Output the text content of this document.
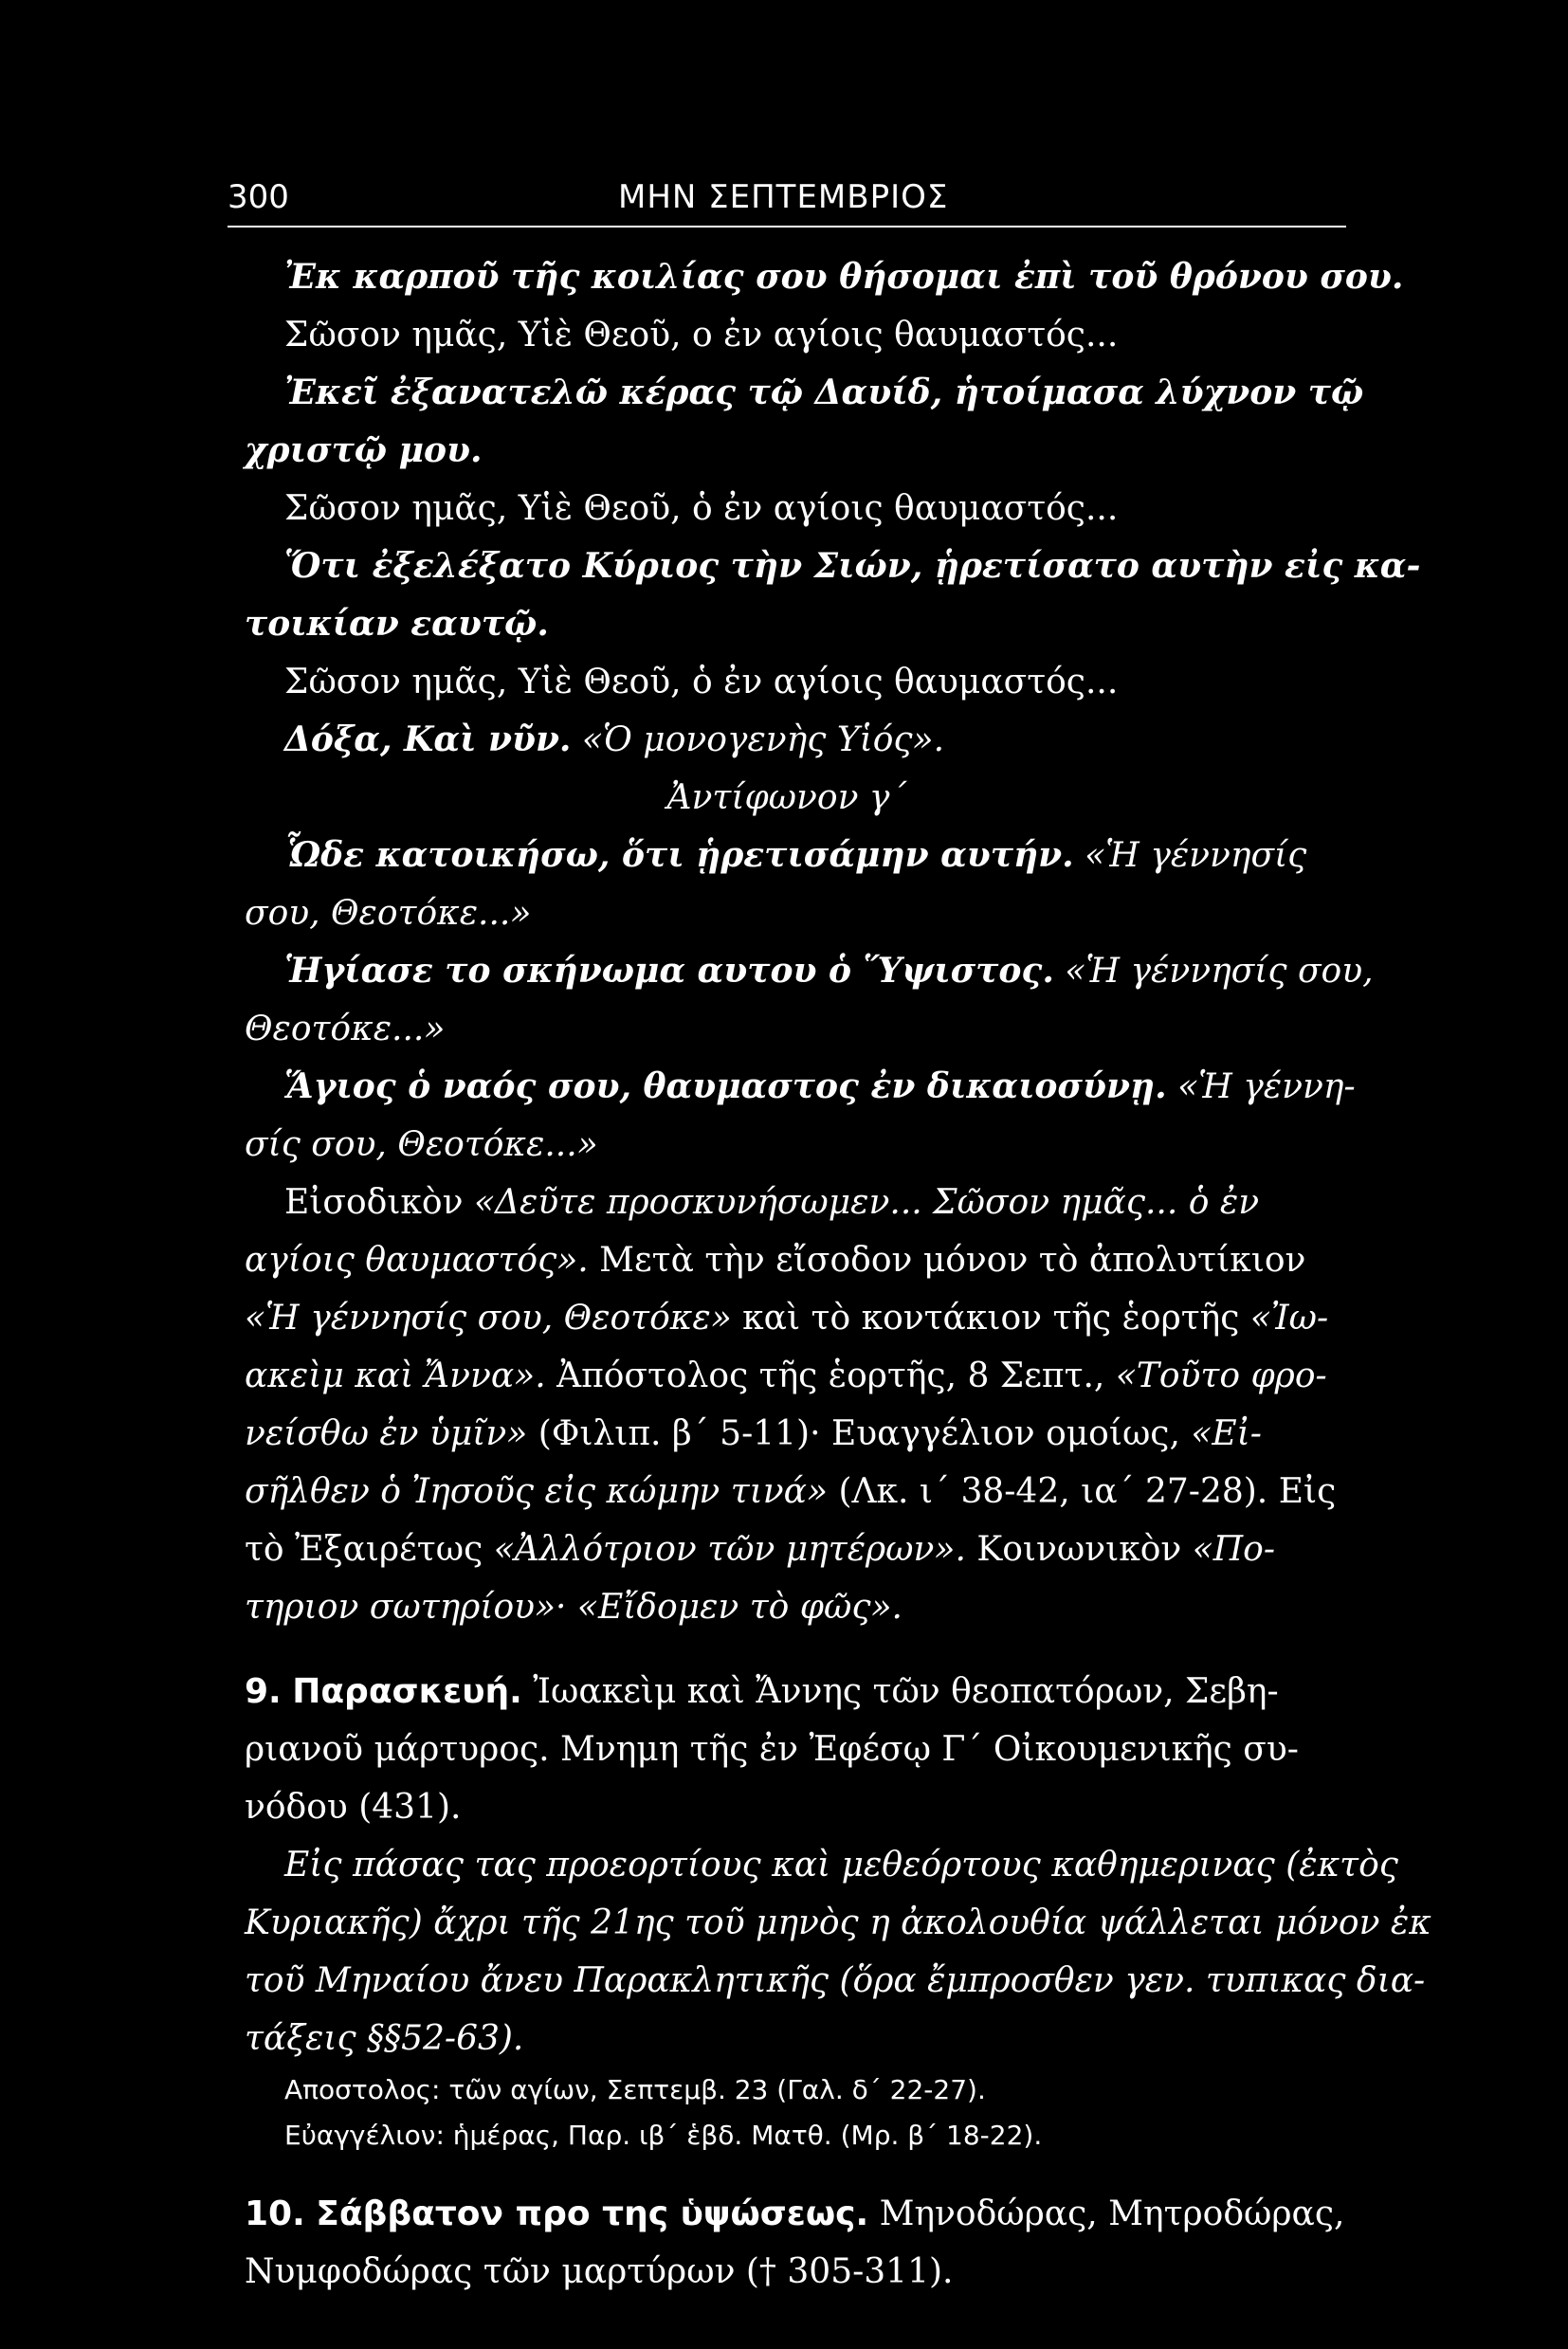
300	ΜΗΝ ΣΕΠΤΕΜΒΡΙΟΣ
Ἐκ καρποῦ τῆς κοιλίας σου θήσομαι ἐπὶ τοῦ θρόνου σου.
Σῶσον ημᾶς, Υἱὲ Θεοῦ, ο ἐν αγίοις θαυμαστός...
Ἐκεῖ ἐξανατελῶ κέρας τῷ Δαυίδ, ἡτοίμασα λύχνον τῷ
χριστῷ μου.
Σῶσον ημᾶς, Υἱὲ Θεοῦ, ὁ ἐν αγίοις θαυμαστός...
Ὅτι ἐξελέξατο Κύριος τὴν Σιών, ᾑρετίσατο αυτὴν εἰς κα-
τοικίαν εαυτῷ.
Σῶσον ημᾶς, Υἱὲ Θεοῦ, ὁ ἐν αγίοις θαυμαστός...
Δόξα, Καὶ νῦν. «Ὁ μονογενὴς Υἱός».
Ἀντίφωνον γ΄
Ὧδε κατοικήσω, ὅτι ᾑρετισάμην αυτήν. «Ἡ γέννησίς
σου, Θεοτόκε...»
Ἡγίασε το σκήνωμα αυτου ὁ Ὕψιστος. «Ἡ γέννησίς σου,
Θεοτόκε...»
Ἅγιος ὁ ναός σου, θαυμαστος ἐν δικαιοσύνῃ. «Ἡ γέννη-
σίς σου, Θεοτόκε...»
Εἰσοδικὸν «Δεῦτε προσκυνήσωμεν... Σῶσον ημᾶς... ὁ ἐν
αγίοις θαυμαστός». Μετὰ τὴν εἴσοδον μόνον τὸ ἀπολυτίκιον
«Ἡ γέννησίς σου, Θεοτόκε» καὶ τὸ κοντάκιον τῆς ἑορτῆς «Ἰω-
ακεὶμ καὶ Ἄννα». Ἀπόστολος τῆς ἑορτῆς, 8 Σεπτ., «Τοῦτο φρο-
νείσθω ἐν ὑμῖν» (Φιλιπ. β΄ 5-11)· Ευαγγέλιον ομοίως, «Εἰ-
σῆλθεν ὁ Ἰησοῦς εἰς κώμην τινά» (Λκ. ι΄ 38-42, ια΄ 27-28). Εἰς
τὸ Ἐξαιρέτως «Ἀλλότριον τῶν μητέρων». Κοινωνικὸν «Πο-
τηριον σωτηρίου»· «Εἴδομεν τὸ φῶς».
9. Παρασκευή. Ἰωακεὶμ καὶ Ἄννης τῶν θεοπατόρων, Σεβη-
ριανοῦ μάρτυρος. Μνημη τῆς ἐν Ἐφέσῳ Γ΄ Οἰκουμενικῆς συ-
νόδου (431).
Εἰς πάσας τας προεορτίους καὶ μεθεόρτους καθημερινας (ἐκτὸς
Κυριακῆς) ἄχρι τῆς 21ης τοῦ μηνὸς η ἀκολουθία ψάλλεται μόνον ἐκ
τοῦ Μηναίου ἄνευ Παρακλητικῆς (ὅρα ἔμπροσθεν γεν. τυπικας δια-
τάξεις §§52-63).
Αποστολος: τῶν αγίων, Σεπτεμβ. 23 (Γαλ. δ΄ 22-27).
Εὐαγγέλιον: ἡμέρας, Παρ. ιβ΄ ἑβδ. Ματθ. (Μρ. β΄ 18-22).
10. Σάββατον προ της ὑψώσεως. Μηνοδώρας, Μητροδώρας,
Νυμφοδώρας τῶν μαρτύρων († 305-311).
